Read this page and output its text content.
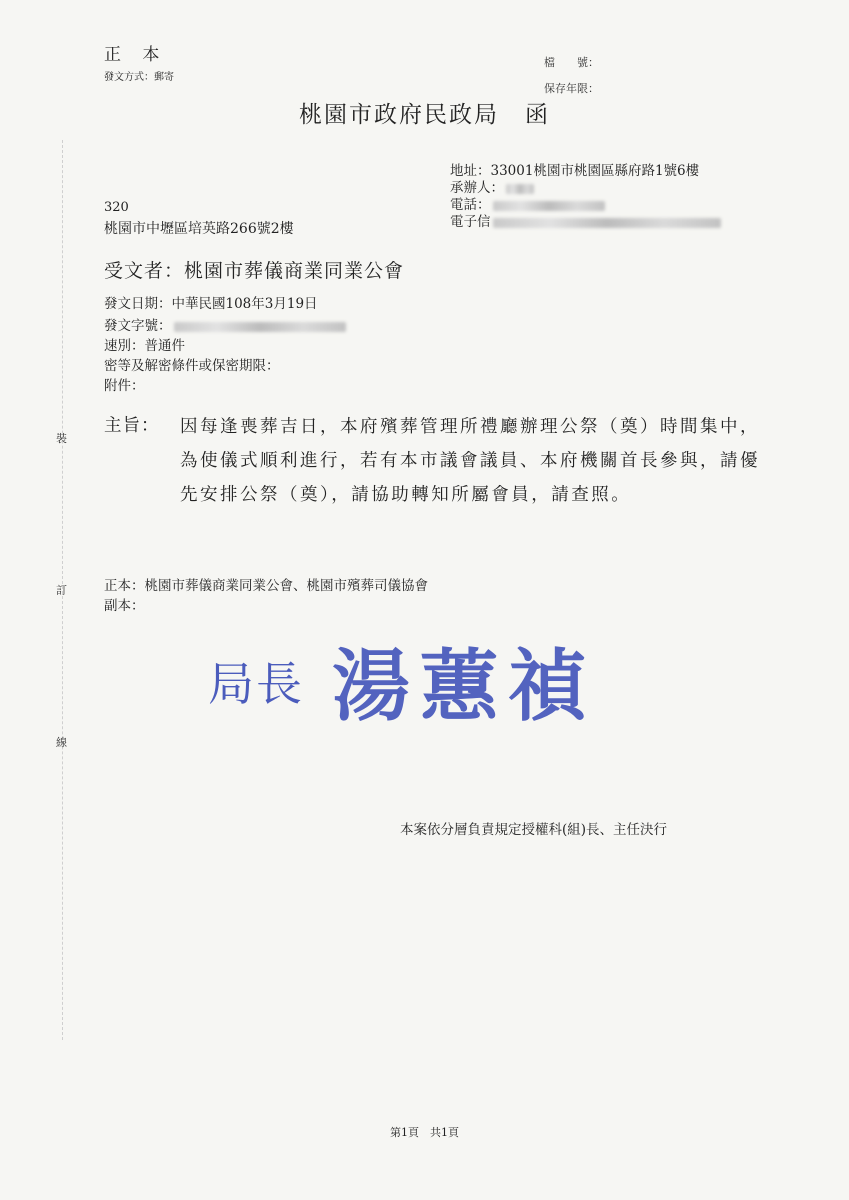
裝
訂
線
正 本
發文方式：郵寄
檔　　號：
保存年限：
桃園市政府民政局 函
地址：33001桃園市桃園區縣府路1號6樓
承辦人：
電話：
電子信
320
桃園市中壢區培英路266號2樓
受文者：桃園市葬儀商業同業公會
發文日期：中華民國108年3月19日
發文字號：
速別：普通件
密等及解密條件或保密期限：
附件：
主旨： 因每逢喪葬吉日，本府殯葬管理所禮廳辦理公祭（奠）時間集中，為使儀式順利進行，若有本市議會議員、本府機關首長參與，請優先安排公祭（奠），請協助轉知所屬會員，請查照。
正本：桃園市葬儀商業同業公會、桃園市殯葬司儀協會
副本：
局長 湯蕙禎
本案依分層負責規定授權科(組)長、主任決行
第1頁　共1頁
